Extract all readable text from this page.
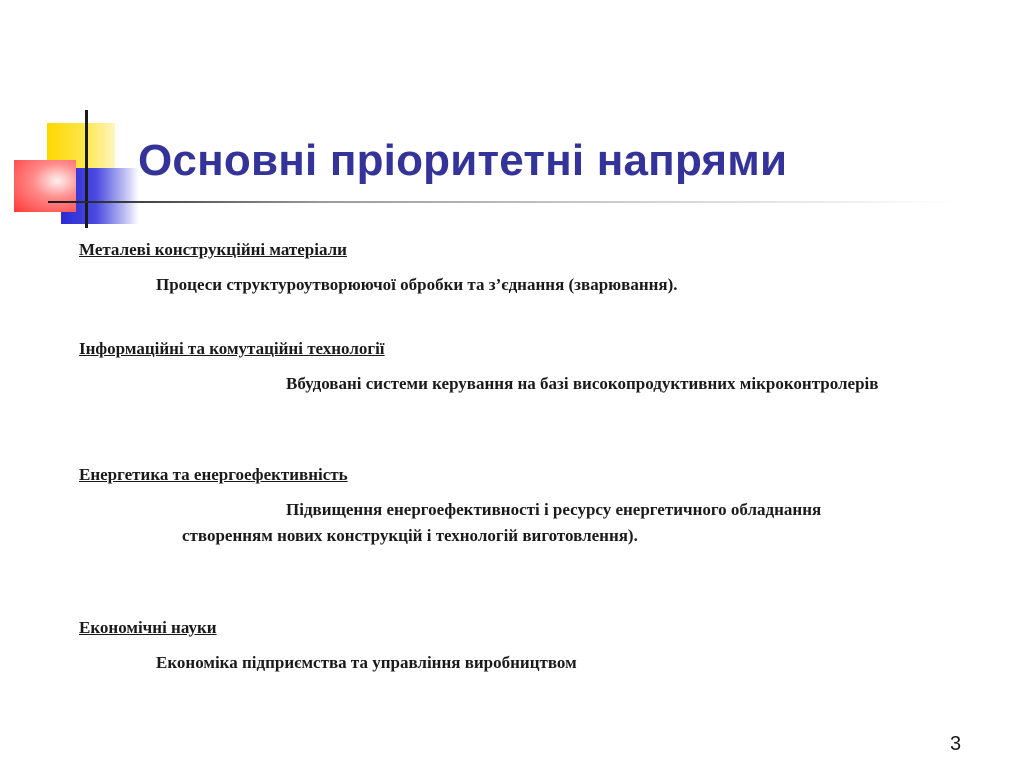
Основні пріоритетні напрями

Металеві конструкційні матеріали

Процеси структуроутворюючої обробки та з’єднання (зварювання).

Інформаційні та комутаційні технології

Вбудовані системи керування на базі високопродуктивних мікроконтролерів

Енергетика та енергоефективність

Підвищення енергоефективності і ресурсу енергетичного обладнання створенням нових конструкцій і технологій виготовлення).

Економічні науки

Економіка підприємства та управління виробництвом

3
